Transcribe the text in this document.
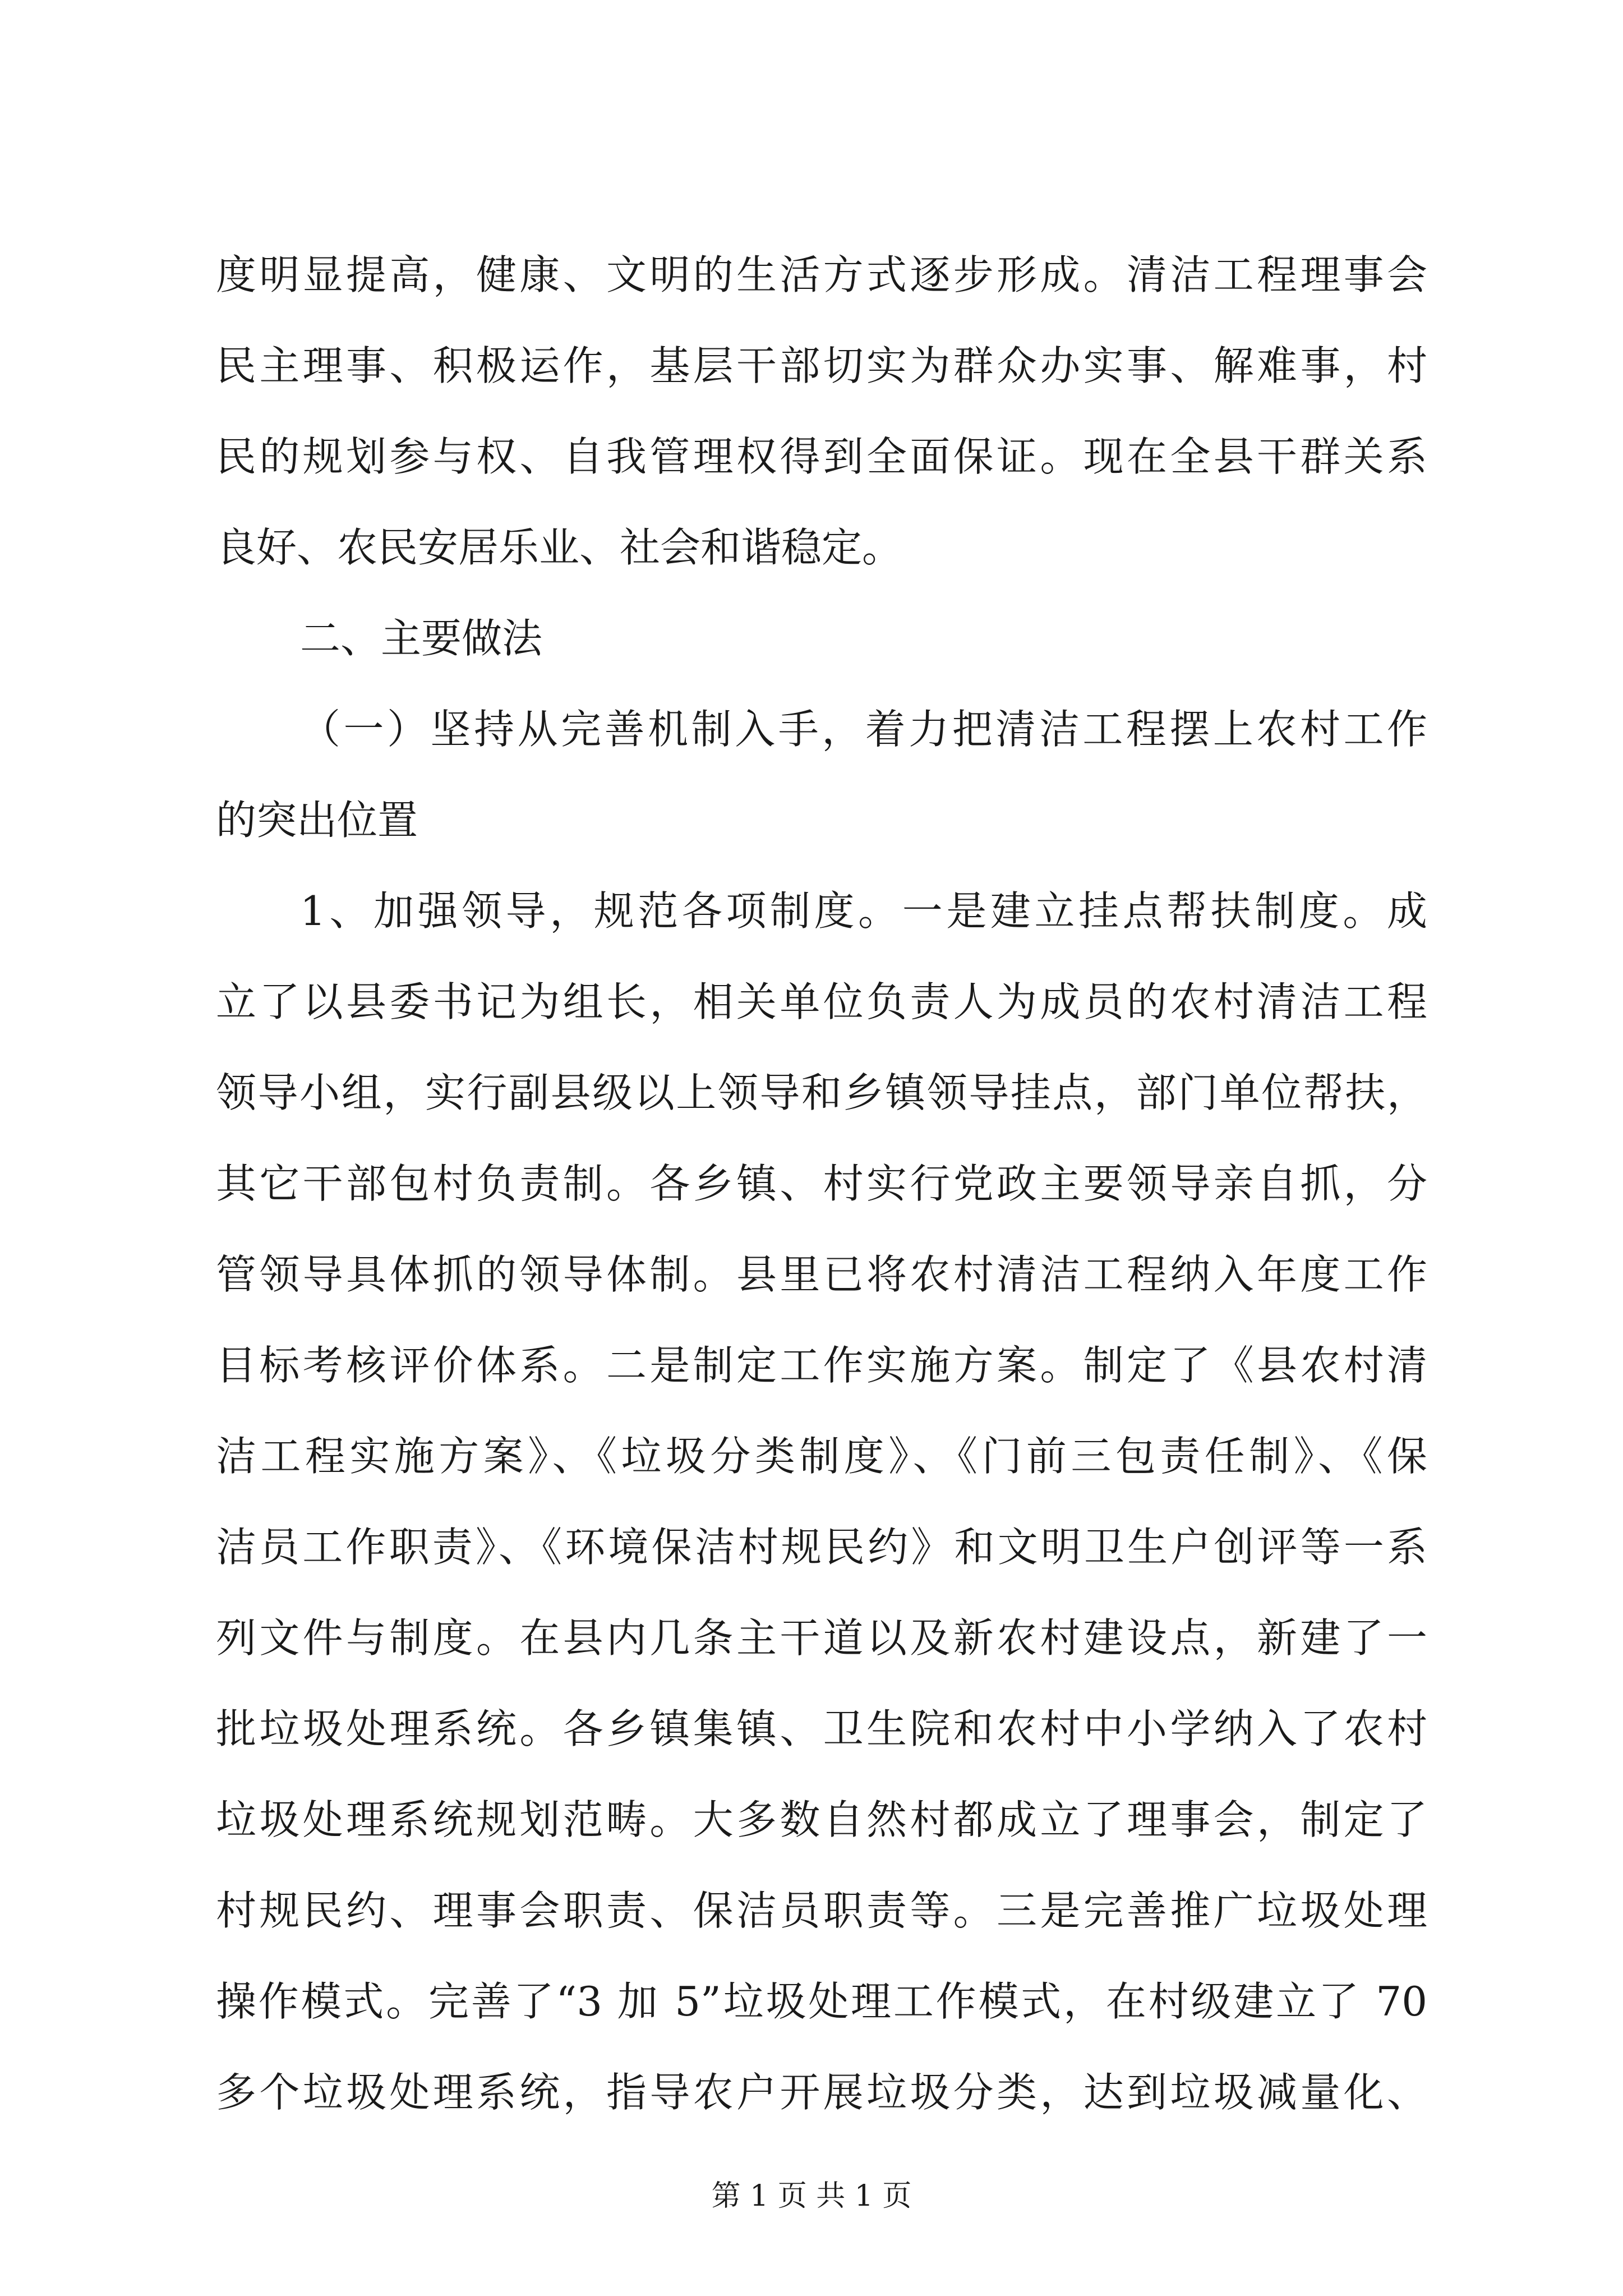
度明显提高，健康、文明的生活方式逐步形成。清洁工程理事会
民主理事、积极运作，基层干部切实为群众办实事、解难事，村
民的规划参与权、自我管理权得到全面保证。现在全县干群关系
良好、农民安居乐业、社会和谐稳定。
二、主要做法
（一）坚持从完善机制入手，着力把清洁工程摆上农村工作
的突出位置
1、加强领导，规范各项制度。一是建立挂点帮扶制度。成
立了以县委书记为组长，相关单位负责人为成员的农村清洁工程
领导小组，实行副县级以上领导和乡镇领导挂点，部门单位帮扶，
其它干部包村负责制。各乡镇、村实行党政主要领导亲自抓，分
管领导具体抓的领导体制。县里已将农村清洁工程纳入年度工作
目标考核评价体系。二是制定工作实施方案。制定了《县农村清
洁工程实施方案》、《垃圾分类制度》、《门前三包责任制》、《保
洁员工作职责》、《环境保洁村规民约》和文明卫生户创评等一系
列文件与制度。在县内几条主干道以及新农村建设点，新建了一
批垃圾处理系统。各乡镇集镇、卫生院和农村中小学纳入了农村
垃圾处理系统规划范畴。大多数自然村都成立了理事会，制定了
村规民约、理事会职责、保洁员职责等。三是完善推广垃圾处理
操作模式。完善了“3 加 5”垃圾处理工作模式，在村级建立了 70
多个垃圾处理系统，指导农户开展垃圾分类，达到垃圾减量化、
第 1 页 共 1 页
